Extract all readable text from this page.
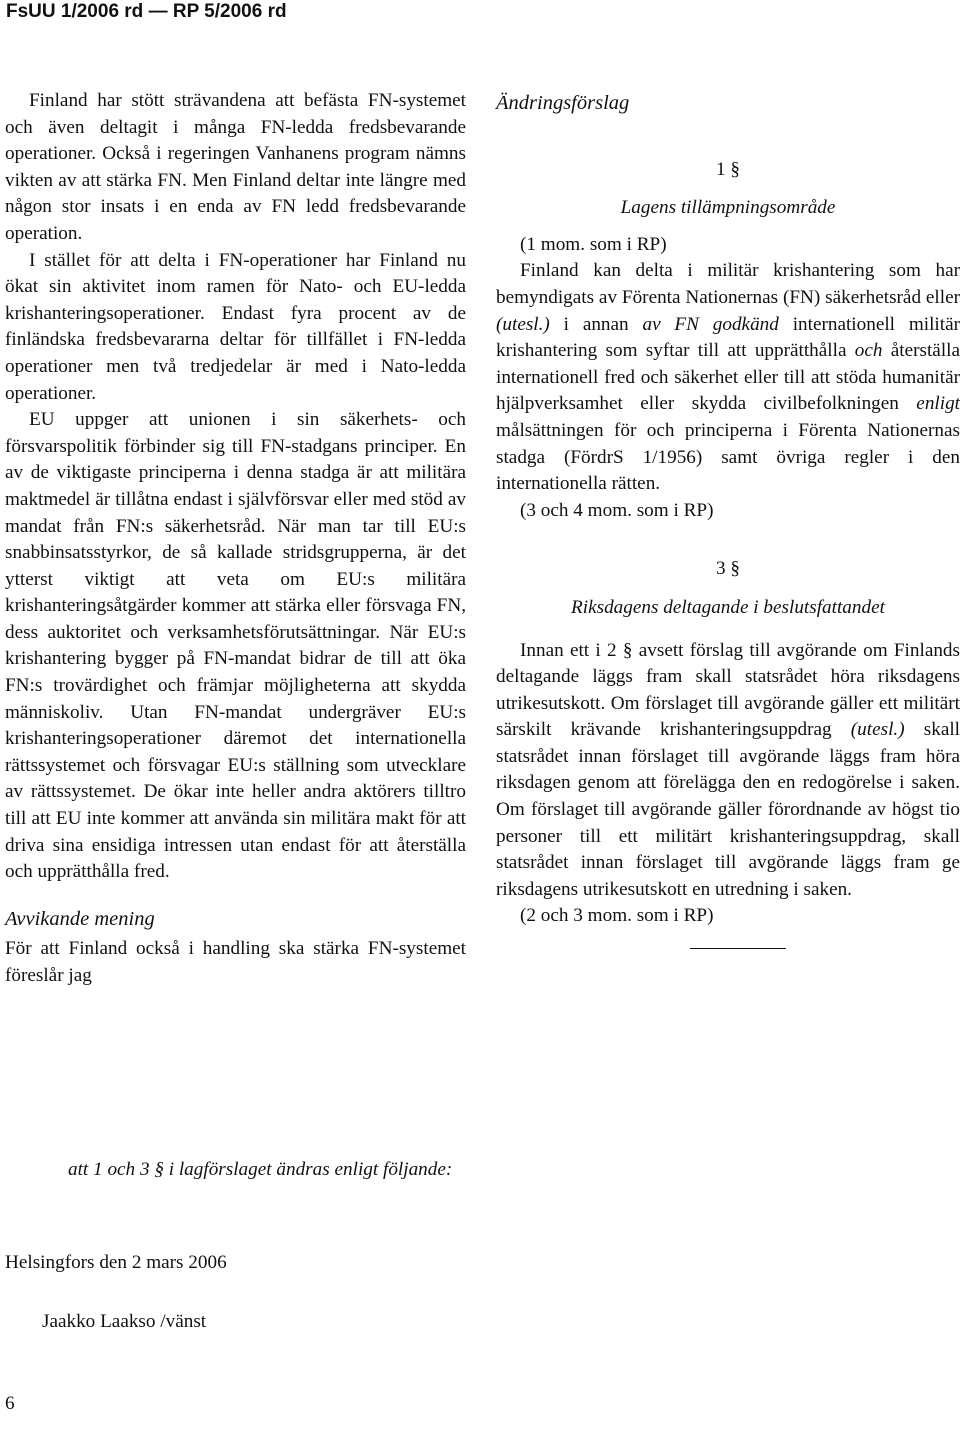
FsUU 1/2006 rd — RP 5/2006 rd

Finland har stött strävandena att befästa FN-systemet och även deltagit i många FN-ledda fredsbevarande operationer. Också i regeringen Vanhanens program nämns vikten av att stärka FN. Men Finland deltar inte längre med någon stor insats i en enda av FN ledd fredsbevarande operation.

I stället för att delta i FN-operationer har Finland nu ökat sin aktivitet inom ramen för Nato- och EU-ledda krishanteringsoperationer. Endast fyra procent av de finländska fredsbevararna deltar för tillfället i FN-ledda operationer men två tredjedelar är med i Nato-ledda operationer.

EU uppger att unionen i sin säkerhets- och försvarspolitik förbinder sig till FN-stadgans principer. En av de viktigaste principerna i denna stadga är att militära maktmedel är tillåtna endast i självförsvar eller med stöd av mandat från FN:s säkerhetsråd. När man tar till EU:s snabbinsatsstyrkor, de så kallade stridsgrupperna, är det ytterst viktigt att veta om EU:s militära krishanteringsåtgärder kommer att stärka eller försvaga FN, dess auktoritet och verksamhetsförutsättningar. När EU:s krishantering bygger på FN-mandat bidrar de till att öka FN:s trovärdighet och främjar möjligheterna att skydda människoliv. Utan FN-mandat undergräver EU:s krishanteringsoperationer däremot det internationella rättssystemet och försvagar EU:s ställning som utvecklare av rättssystemet. De ökar inte heller andra aktörers tilltro till att EU inte kommer att använda sin militära makt för att driva sina ensidiga intressen utan endast för att återställa och upprätthålla fred.

Avvikande mening

För att Finland också i handling ska stärka FN-systemet föreslår jag

att 1 och 3 § i lagförslaget ändras enligt följande:

Ändringsförslag

1 §

Lagens tillämpningsområde

(1 mom. som i RP)

Finland kan delta i militär krishantering som har bemyndigats av Förenta Nationernas (FN) säkerhetsråd eller (utesl.) i annan av FN godkänd internationell militär krishantering som syftar till att upprätthålla och återställa internationell fred och säkerhet eller till att stöda humanitär hjälpverksamhet eller skydda civilbefolkningen enligt målsättningen för och principerna i Förenta Nationernas stadga (FördrS 1/1956) samt övriga regler i den internationella rätten.

(3 och 4 mom. som i RP)

3 §

Riksdagens deltagande i beslutsfattandet

Innan ett i 2 § avsett förslag till avgörande om Finlands deltagande läggs fram skall statsrådet höra riksdagens utrikesutskott. Om förslaget till avgörande gäller ett militärt särskilt krävande krishanteringsuppdrag (utesl.) skall statsrådet innan förslaget till avgörande läggs fram höra riksdagen genom att förelägga den en redogörelse i saken. Om förslaget till avgörande gäller förordnande av högst tio personer till ett militärt krishanteringsuppdrag, skall statsrådet innan förslaget till avgörande läggs fram ge riksdagens utrikesutskott en utredning i saken.

(2 och 3 mom. som i RP)

Helsingfors den 2 mars 2006
Jaakko Laakso /vänst
6
